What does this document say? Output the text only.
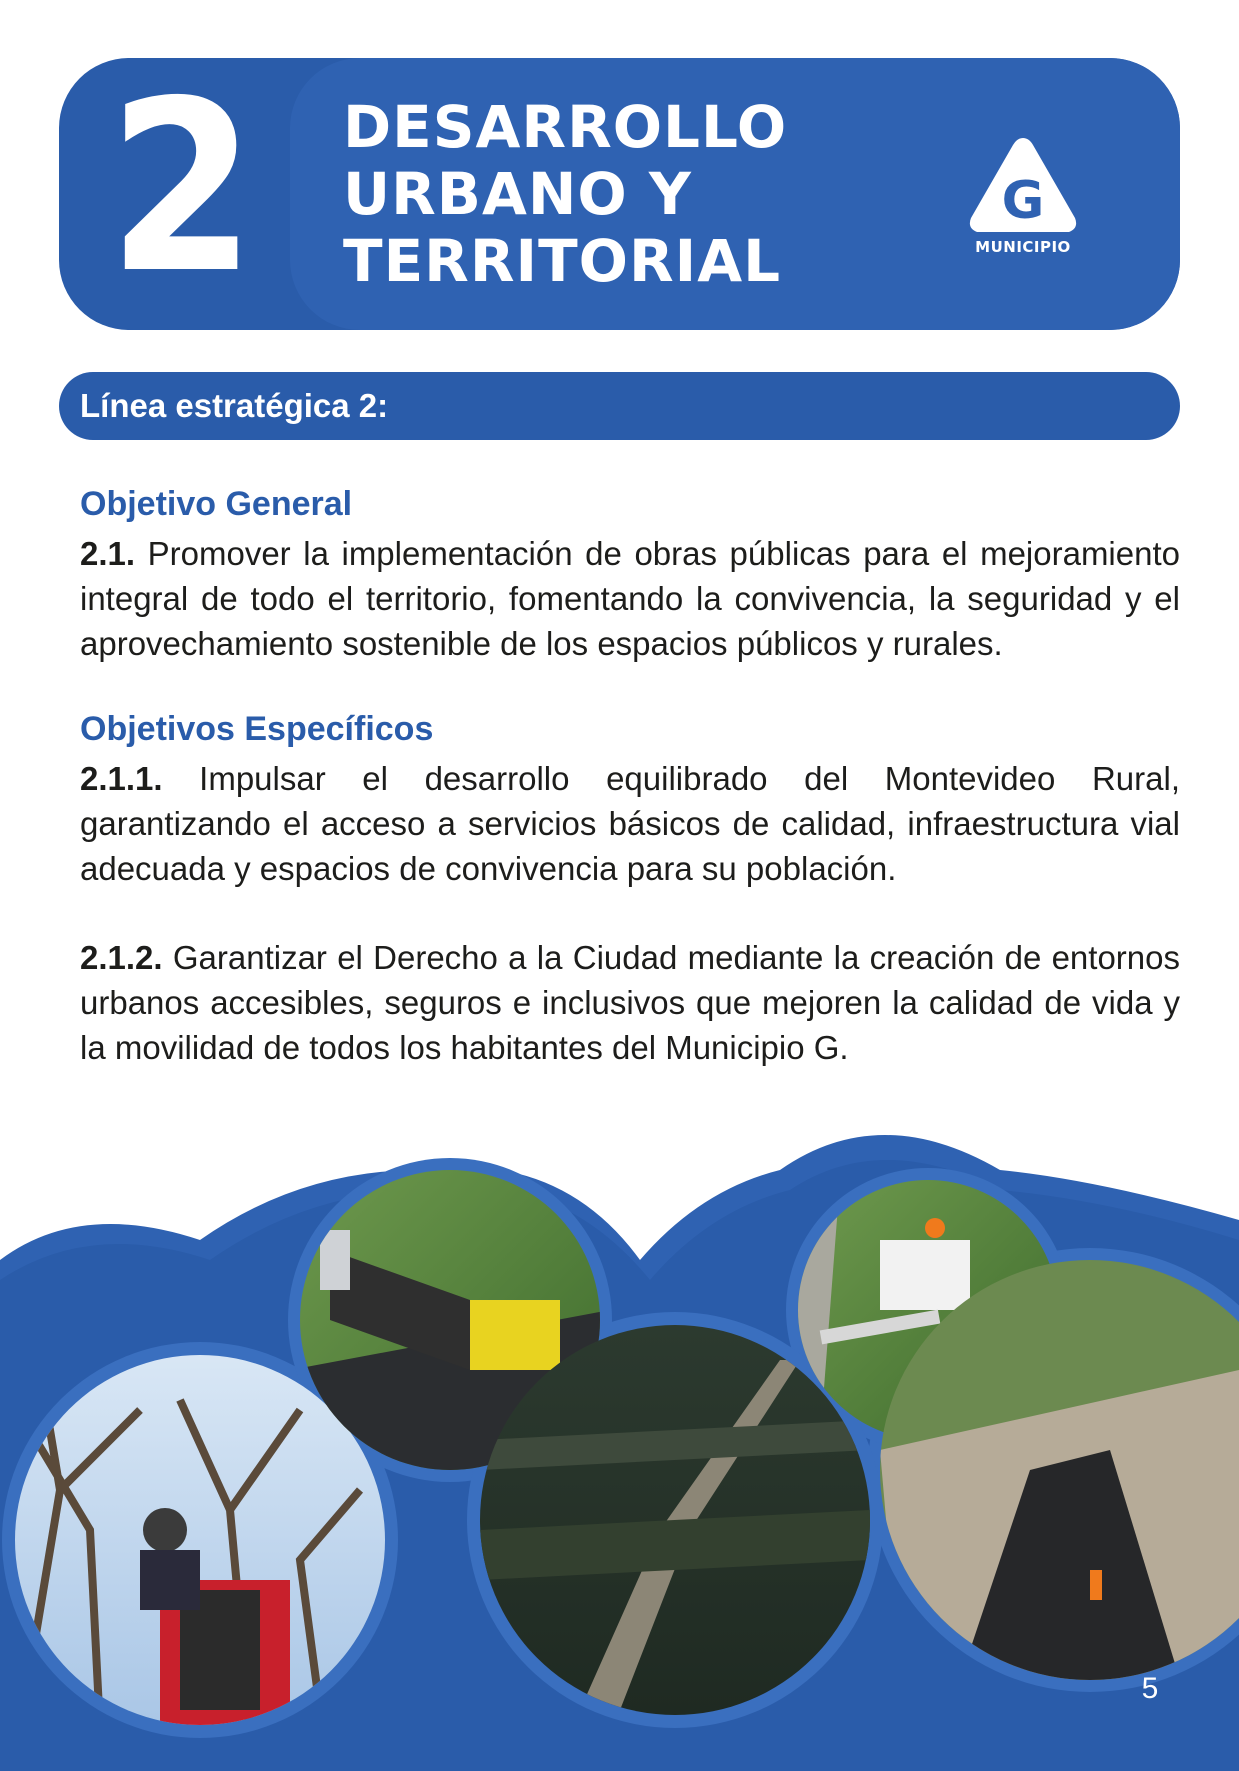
2 DESARROLLO
URBANO Y
TERRITORIAL
G
MUNICIPIO
Línea estratégica 2:
Objetivo General
2.1. Promover la implementación de obras públicas para el mejoramiento integral de todo el territorio, fomentando la convivencia, la seguridad y el aprovechamiento sostenible de los espacios públicos y rurales.
Objetivos Específicos
2.1.1. Impulsar el desarrollo equilibrado del Montevideo Rural, garantizando el acceso a servicios básicos de calidad, infraestructura vial adecuada y espacios de convivencia para su población.
2.1.2. Garantizar el Derecho a la Ciudad mediante la creación de entornos urbanos accesibles, seguros e inclusivos que mejoren la calidad de vida y la movilidad de todos los habitantes del Municipio G.
5
